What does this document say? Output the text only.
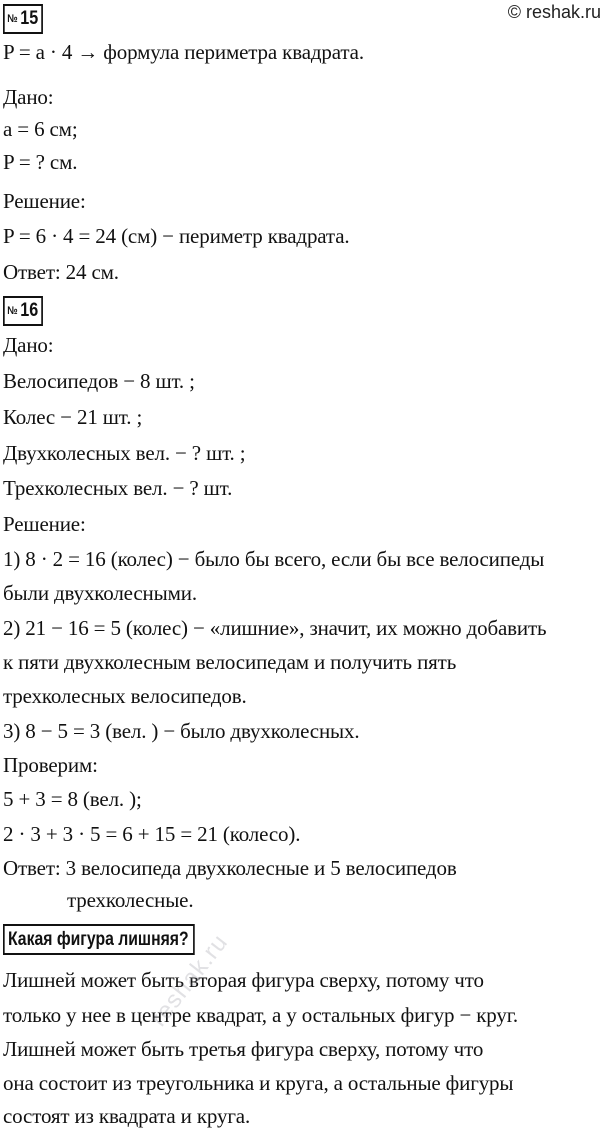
© reshak.ru
№ 15
P = a · 4 → формула периметра квадрата.
Дано:
a = 6 см;
P = ? см.
Решение:
P = 6 · 4 = 24 (см) − периметр квадрата.
Ответ: 24 см.
№ 16
Дано:
Велосипедов − 8 шт. ;
Колес − 21 шт. ;
Двухколесных вел. − ? шт. ;
Трехколесных вел. − ? шт.
Решение:
1) 8 · 2 = 16 (колес) − было бы всего, если бы все велосипеды
были двухколесными.
2) 21 − 16 = 5 (колес) − «лишние», значит, их можно добавить
к пяти двухколесным велосипедам и получить пять
трехколесных велосипедов.
3) 8 − 5 = 3 (вел. ) − было двухколесных.
Проверим:
5 + 3 = 8 (вел. );
2 · 3 + 3 · 5 = 6 + 15 = 21 (колесо).
Ответ: 3 велосипеда двухколесные и 5 велосипедов
трехколесные.
Какая фигура лишняя?
Лишней может быть вторая фигура сверху, потому что
только у нее в центре квадрат, а у остальных фигур − круг.
Лишней может быть третья фигура сверху, потому что
она состоит из треугольника и круга, а остальные фигуры
состоят из квадрата и круга.
reshak.ru
